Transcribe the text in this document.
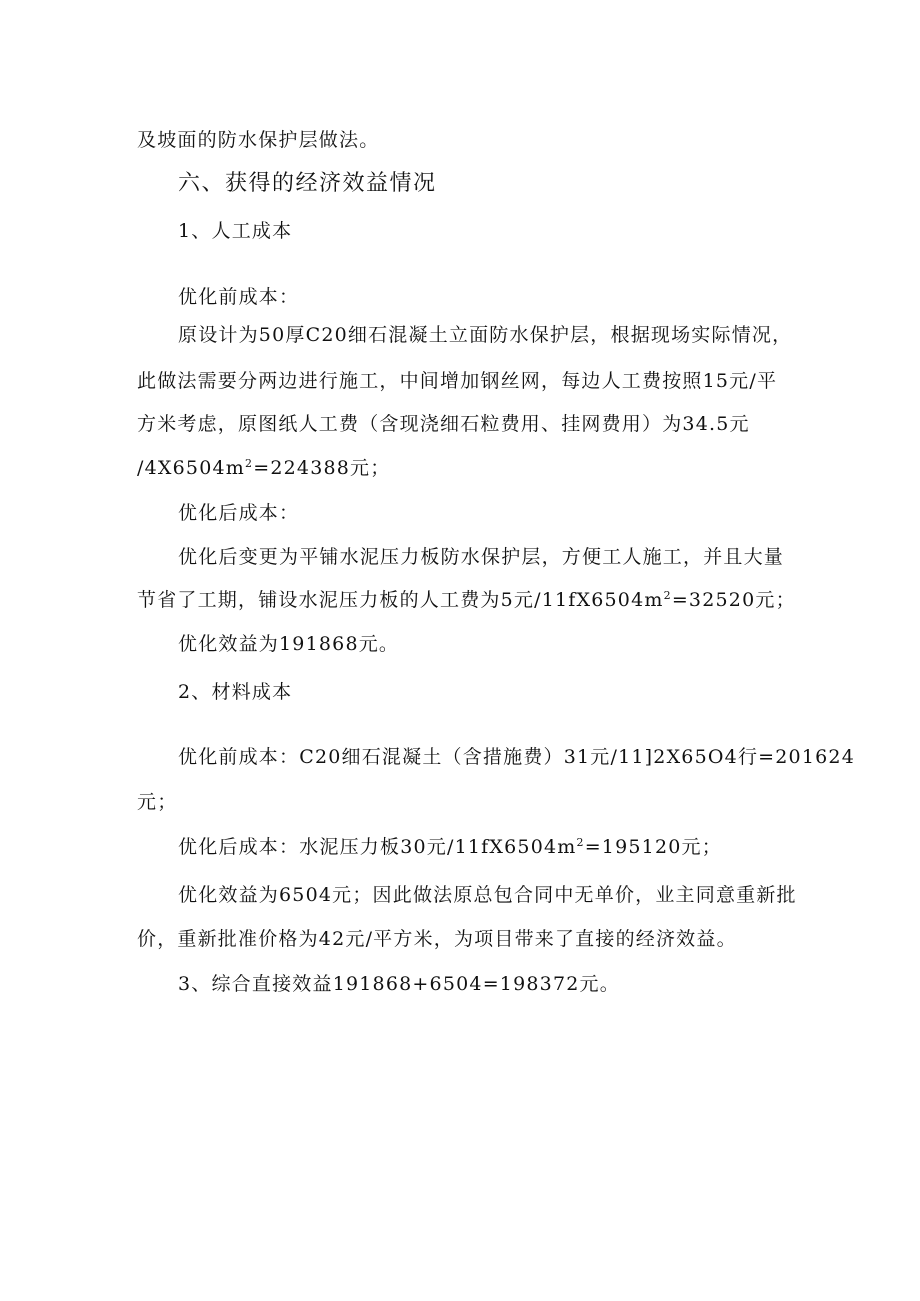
及坡面的防水保护层做法。
六、获得的经济效益情况
1、人工成本
优化前成本：
原设计为50厚C20细石混凝土立面防水保护层，根据现场实际情况，
此做法需要分两边进行施工，中间增加钢丝网，每边人工费按照15元/平
方米考虑，原图纸人工费（含现浇细石粒费用、挂网费用）为34.5元
$/4X6504m^2=224388$元；
优化后成本：
优化后变更为平铺水泥压力板防水保护层，方便工人施工，并且大量
节省了工期，铺设水泥压力板的人工费为5元$/11fX6504m^2=32520$元；
优化效益为191868元。
2、材料成本
优化前成本：C20细石混凝土（含措施费）31元/11]2X65O4行=201624
元；
优化后成本：水泥压力板30元$/11fX6504m^2=195120$元；
优化效益为6504元；因此做法原总包合同中无单价，业主同意重新批
价，重新批准价格为42元/平方米，为项目带来了直接的经济效益。
3、综合直接效益191868+6504=198372元。
